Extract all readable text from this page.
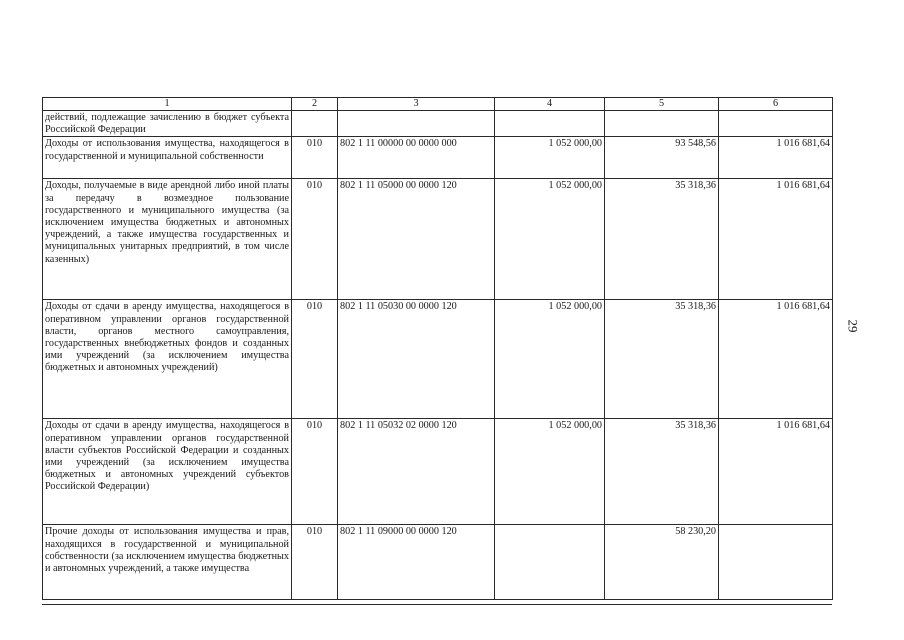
1	2	3	4	5	6
действий, подлежащие зачислению в бюджет субъекта Российской Федерации					
Доходы от использования имущества, находящегося в государственной и муниципальной собственности	010	802 1 11 00000 00 0000 000	1 052 000,00	93 548,56	1 016 681,64
Доходы, получаемые в виде арендной либо иной платы за передачу в возмездное пользование государственного и муниципального имущества (за исключением имущества бюджетных и автономных учреждений, а также имущества государственных и муниципальных унитарных предприятий, в том числе казенных)	010	802 1 11 05000 00 0000 120	1 052 000,00	35 318,36	1 016 681,64
Доходы от сдачи в аренду имущества, находящегося в оперативном управлении органов государственной власти, органов местного самоуправления, государственных внебюджетных фондов и созданных ими учреждений (за исключением имущества бюджетных и автономных учреждений)	010	802 1 11 05030 00 0000 120	1 052 000,00	35 318,36	1 016 681,64
Доходы от сдачи в аренду имущества, находящегося в оперативном управлении органов государственной власти субъектов Российской Федерации и созданных ими учреждений (за исключением имущества бюджетных и автономных учреждений субъектов Российской Федерации)	010	802 1 11 05032 02 0000 120	1 052 000,00	35 318,36	1 016 681,64
Прочие доходы от использования имущества и прав, находящихся в государственной и муниципальной собственности (за исключением имущества бюджетных и автономных учреждений, а также имущества	010	802 1 11 09000 00 0000 120		58 230,20	
29
